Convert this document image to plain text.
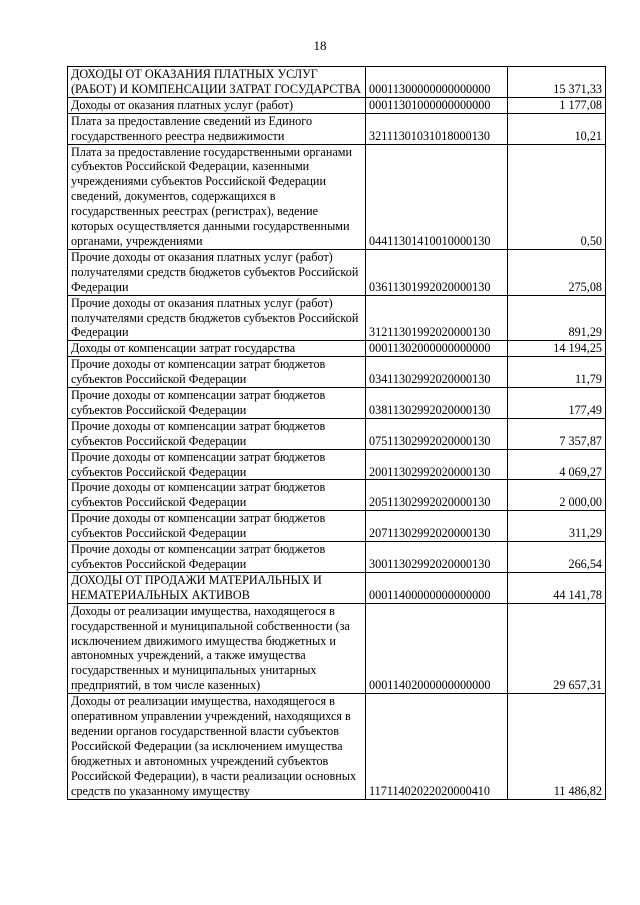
18
ДОХОДЫ ОТ ОКАЗАНИЯ ПЛАТНЫХ УСЛУГ (РАБОТ) И КОМПЕНСАЦИИ ЗАТРАТ ГОСУДАРСТВА	00011300000000000000	15 371,33
Доходы от оказания платных услуг (работ)	00011301000000000000	1 177,08
Плата за предоставление сведений из Единого государственного реестра недвижимости	32111301031018000130	10,21
Плата за предоставление государственными органами субъектов Российской Федерации, казенными учреждениями субъектов Российской Федерации сведений, документов, содержащихся в государственных реестрах (регистрах), ведение которых осуществляется данными государственными органами, учреждениями	04411301410010000130	0,50
Прочие доходы от оказания платных услуг (работ) получателями средств бюджетов субъектов Российской Федерации	03611301992020000130	275,08
Прочие доходы от оказания платных услуг (работ) получателями средств бюджетов субъектов Российской Федерации	31211301992020000130	891,29
Доходы от компенсации затрат государства	00011302000000000000	14 194,25
Прочие доходы от компенсации затрат бюджетов субъектов Российской Федерации	03411302992020000130	11,79
Прочие доходы от компенсации затрат бюджетов субъектов Российской Федерации	03811302992020000130	177,49
Прочие доходы от компенсации затрат бюджетов субъектов Российской Федерации	07511302992020000130	7 357,87
Прочие доходы от компенсации затрат бюджетов субъектов Российской Федерации	20011302992020000130	4 069,27
Прочие доходы от компенсации затрат бюджетов субъектов Российской Федерации	20511302992020000130	2 000,00
Прочие доходы от компенсации затрат бюджетов субъектов Российской Федерации	20711302992020000130	311,29
Прочие доходы от компенсации затрат бюджетов субъектов Российской Федерации	30011302992020000130	266,54
ДОХОДЫ ОТ ПРОДАЖИ МАТЕРИАЛЬНЫХ И НЕМАТЕРИАЛЬНЫХ АКТИВОВ	00011400000000000000	44 141,78
Доходы от реализации имущества, находящегося в государственной и муниципальной собственности (за исключением движимого имущества бюджетных и автономных учреждений, а также имущества государственных и муниципальных унитарных предприятий, в том числе казенных)	00011402000000000000	29 657,31
Доходы от реализации имущества, находящегося в оперативном управлении учреждений, находящихся в ведении органов государственной власти субъектов Российской Федерации (за исключением имущества бюджетных и автономных учреждений субъектов Российской Федерации), в части реализации основных средств по указанному имуществу	11711402022020000410	11 486,82
